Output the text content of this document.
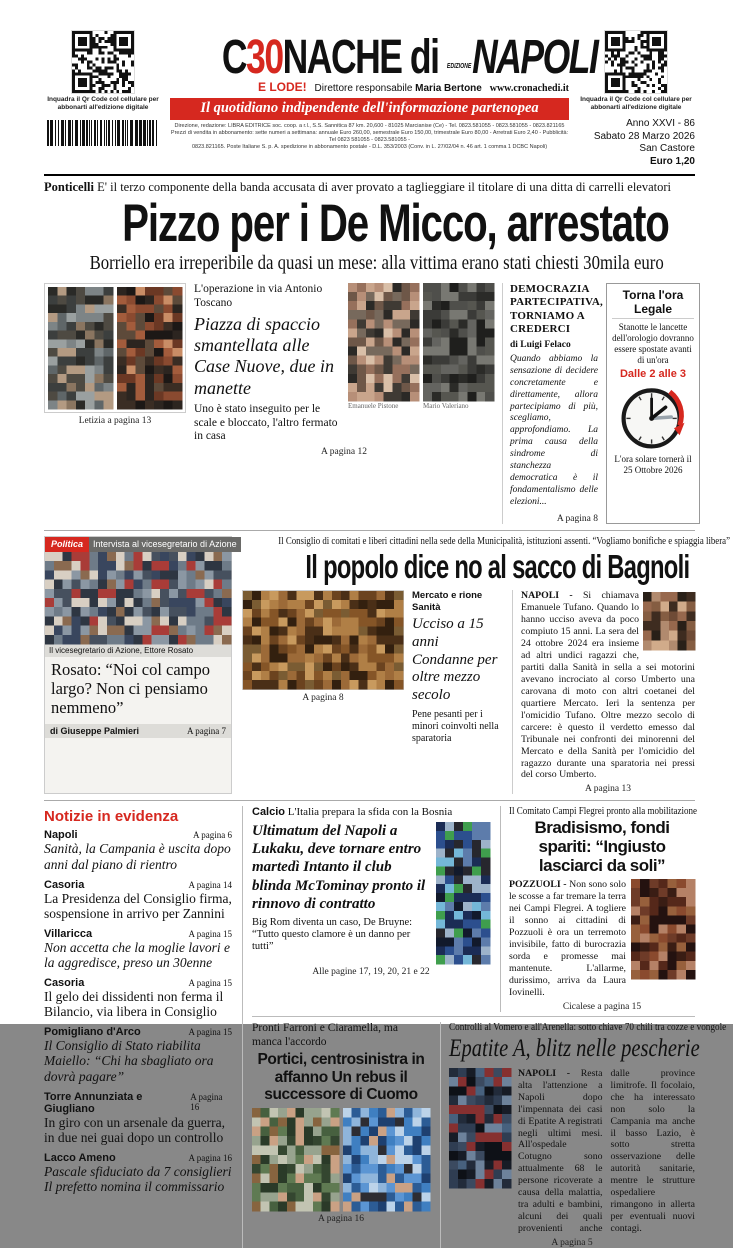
Inquadra il Qr Code col cellulare per abbonarti all'edizione digitale
C30NACHE di EDIZIONENAPOLI
E LODE! Direttore responsabile Maria Bertone www.cronachedi.it
Il quotidiano indipendente dell'informazione partenopea
Direzione, redazione: LIBRA EDITRICE soc. coop. a r.l., S.S. Sannitica 87 km. 20,600 - 81025 Marcianise (Ce) - Tel. 0823.581055 - 0823.581055 - 0823.821165
Prezzi di vendita in abbonamento: sette numeri a settimana: annuale Euro 260,00, semestrale Euro 150,00, trimestrale Euro 80,00 - Arretrati Euro 2,40 - Pubblicità: Tel 0823 581055 - 0823.581055 -
0823.821165. Poste Italiane S. p. A. spedizione in abbonamento postale - D.L. 353/2003 (Conv. in L. 27/02/04 n. 46 art. 1 comma 1 DCBC Napoli)
Inquadra il Qr Code col cellulare per abbonarti all'edizione digitale
Anno XXVI - 86
Sabato 28 Marzo 2026
San Castore
Euro 1,20
Ponticelli E' il terzo componente della banda accusata di aver provato a taglieggiare il titolare di una ditta di carrelli elevatori
Pizzo per i De Micco, arrestato
Borriello era irreperibile da quasi un mese: alla vittima erano stati chiesti 30mila euro
Letizia a pagina 13
L'operazione in via Antonio Toscano
Piazza di spaccio smantellata alle Case Nuove, due in manette

Uno è stato inseguito per le scale e bloccato, l'altro fermato in casa

Emanuele Pistone	Mario Valeriano
A pagina 12
DEMOCRAZIA PARTECIPATIVA, TORNIAMO A CREDERCI
di Luigi Felaco

Quando abbiamo la sensazione di decidere concretamente e direttamente, allora partecipiamo di più, scegliamo, approfondiamo. La prima causa della sindrome di stanchezza democratica è il fondamentalismo delle elezioni...

A pagina 8
Torna l'ora Legale
Stanotte le lancette dell'orologio dovranno essere spostate avanti di un'ora
Dalle 2 alle 3
L'ora solare tornerà il 25 Ottobre 2026
Politica	Intervista al vicesegretario di Azione
Il vicesegretario di Azione, Ettore Rosato
Rosato: “Noi col campo largo? Non ci pensiamo nemmeno”
di Giuseppe Palmieri	A pagina 7
Il Consiglio di comitati e liberi cittadini nella sede della Municipalità, istituzioni assenti. “Vogliamo bonifiche e spiaggia libera”
Il popolo dice no al sacco di Bagnoli
A pagina 8
Mercato e rione Sanità
Ucciso a 15 anni Condanne per oltre mezzo secolo

Pene pesanti per i minori coinvolti nella sparatoria

NAPOLI - Si chiamava Emanuele Tufano. Quando lo hanno ucciso aveva da poco compiuto 15 anni. La sera del 24 ottobre 2024 era insieme ad altri undici ragazzi che, partiti dalla Sanità in sella a sei motorini avevano incrociato al corso Umberto una carovana di moto con altri coetanei del quartiere Mercato. Ieri la sentenza per l'omicidio Tufano. Oltre mezzo secolo di carcere: è questo il verdetto emesso dal Tribunale nei confronti dei minorenni del Mercato e della Sanità per l'omicidio del ragazzo durante una sparatoria nei pressi del corso Umberto.
A pagina 13
Notizie in evidenza
Napoli	A pagina 6

Sanità, la Campania è uscita dopo anni dal piano di rientro

Casoria	A pagina 14

La Presidenza del Consiglio firma, sospensione in arrivo per Zannini

Villaricca	A pagina 15

Non accetta che la moglie lavori e la aggredisce, preso un 30enne

Casoria	A pagina 15

Il gelo dei dissidenti non ferma il Bilancio, via libera in Consiglio

Pomigliano d'Arco	A pagina 15

Il Consiglio di Stato riabilita Maiello: “Chi ha sbagliato ora dovrà pagare”

Torre Annunziata e Giugliano
A pagina 16

In giro con un arsenale da guerra, in due nei guai dopo un controllo

Lacco Ameno	A pagina 16

Pascale sfiduciato da 7 consiglieri Il prefetto nomina il commissario

Calcio L'Italia prepara la sfida con la Bosnia
Ultimatum del Napoli a Lukaku, deve tornare entro martedì Intanto il club blinda McTominay pronto il rinnovo di contratto

Big Rom diventa un caso, De Bruyne: “Tutto questo clamore è un danno per tutti”

Alle pagine 17, 19, 20, 21 e 22
Il Comitato Campi Flegrei pronto alla mobilitazione
Bradisismo, fondi spariti: “Ingiusto lasciarci da soli”
POZZUOLI - Non sono solo le scosse a far tremare la terra nei Campi Flegrei. A togliere il sonno ai cittadini di Pozzuoli è ora un terremoto invisibile, fatto di burocrazia sorda e promesse mai mantenute. L'allarme, durissimo, arriva da Laura Iovinelli.
Cicalese a pagina 15
Pronti Farroni e Ciaramella, ma manca l'accordo
Portici, centrosinistra in affanno Un rebus il successore di Cuomo
A pagina 16
Controlli al Vomero e all'Arenella: sotto chiave 70 chili tra cozze e vongole
Epatite A, blitz nelle pescherie
NAPOLI - Resta alta l'attenzione a Napoli dopo l'impennata dei casi di Epatite A registrati negli ultimi mesi. All'ospedale Cotugno sono attualmente 68 le persone ricoverate a causa della malattia, tra adulti e bambini, alcuni dei quali provenienti anche dalle province limitrofe. Il focolaio, che ha interessato non solo la Campania ma anche il basso Lazio, è sotto stretta osservazione delle autorità sanitarie, mentre le strutture ospedaliere rimangono in allerta per eventuali nuovi contagi.
A pagina 5
